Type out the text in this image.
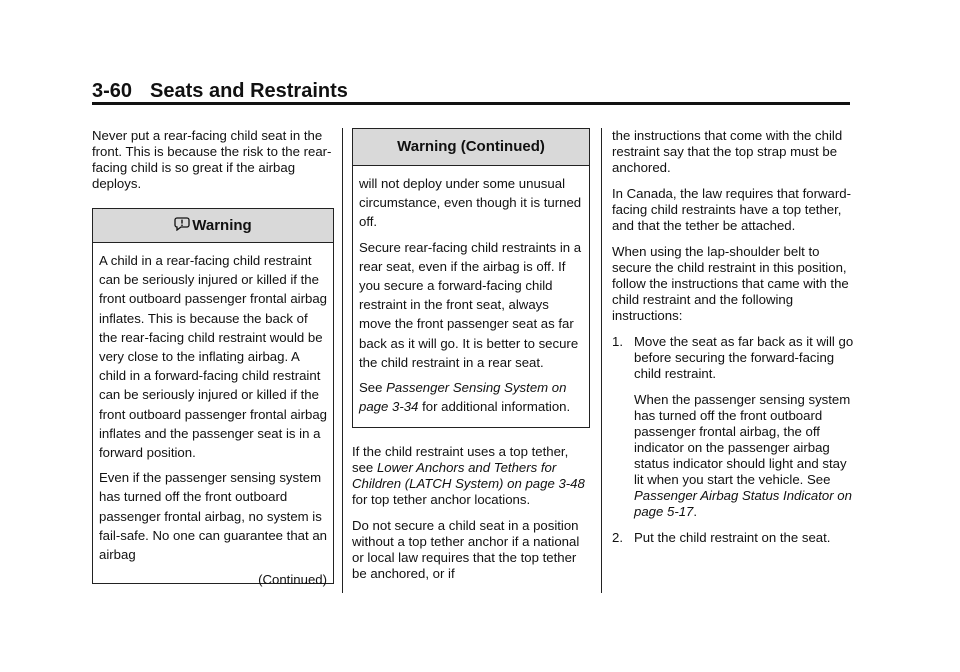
3-60 Seats and Restraints

Never put a rear-facing child seat in the front. This is because the risk to the rear-facing child is so great if the airbag deploys.

Warning

A child in a rear-facing child restraint can be seriously injured or killed if the front outboard passenger frontal airbag inflates. This is because the back of the rear-facing child restraint would be very close to the inflating airbag. A child in a forward-facing child restraint can be seriously injured or killed if the front outboard passenger frontal airbag inflates and the passenger seat is in a forward position.

Even if the passenger sensing system has turned off the front outboard passenger frontal airbag, no system is fail-safe. No one can guarantee that an airbag

(Continued)

Warning (Continued)

will not deploy under some unusual circumstance, even though it is turned off.

Secure rear-facing child restraints in a rear seat, even if the airbag is off. If you secure a forward-facing child restraint in the front seat, always move the front passenger seat as far back as it will go. It is better to secure the child restraint in a rear seat.

See Passenger Sensing System on page 3-34 for additional information.

If the child restraint uses a top tether, see Lower Anchors and Tethers for Children (LATCH System) on page 3-48 for top tether anchor locations.

Do not secure a child seat in a position without a top tether anchor if a national or local law requires that the top tether be anchored, or if

the instructions that come with the child restraint say that the top strap must be anchored.

In Canada, the law requires that forward-facing child restraints have a top tether, and that the tether be attached.

When using the lap-shoulder belt to secure the child restraint in this position, follow the instructions that came with the child restraint and the following instructions:

1. Move the seat as far back as it will go before securing the forward-facing child restraint.

When the passenger sensing system has turned off the front outboard passenger frontal airbag, the off indicator on the passenger airbag status indicator should light and stay lit when you start the vehicle. See Passenger Airbag Status Indicator on page 5-17.

2. Put the child restraint on the seat.
